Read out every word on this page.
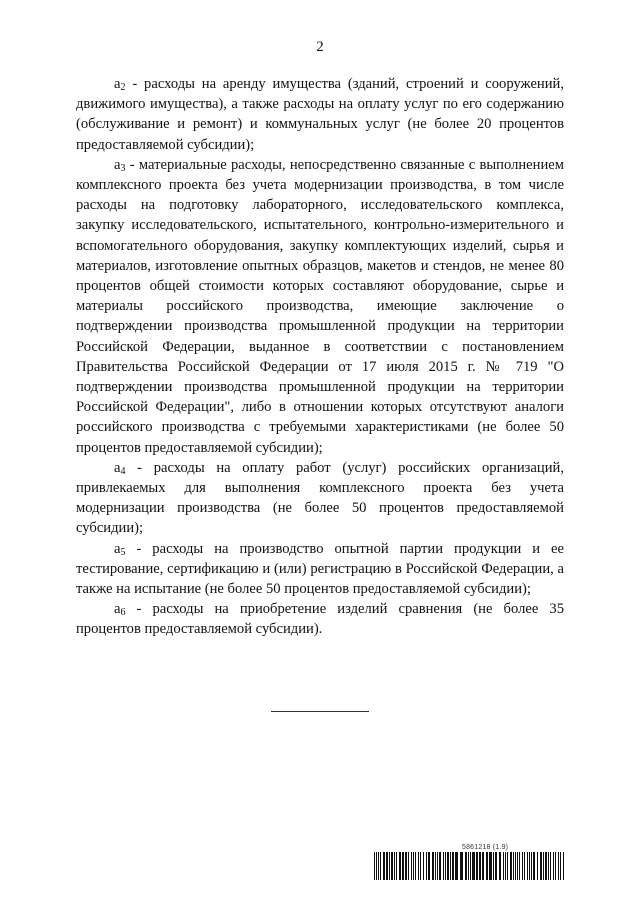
2

$а_2$ - расходы на аренду имущества (зданий, строений и сооружений, движимого имущества), а также расходы на оплату услуг по его содержанию (обслуживание и ремонт) и коммунальных услуг (не более 20 процентов предоставляемой субсидии);

$а_3$ - материальные расходы, непосредственно связанные с выполнением комплексного проекта без учета модернизации производства, в том числе расходы на подготовку лабораторного, исследовательского комплекса, закупку исследовательского, испытательного, контрольно-измерительного и вспомогательного оборудования, закупку комплектующих изделий, сырья и материалов, изготовление опытных образцов, макетов и стендов, не менее 80 процентов общей стоимости которых составляют оборудование, сырье и материалы российского производства, имеющие заключение о подтверждении производства промышленной продукции на территории Российской Федерации, выданное в соответствии с постановлением Правительства Российской Федерации от 17 июля 2015 г. № 719 "О подтверждении производства промышленной продукции на территории Российской Федерации", либо в отношении которых отсутствуют аналоги российского производства с требуемыми характеристиками (не более 50 процентов предоставляемой субсидии);

$а_4$ - расходы на оплату работ (услуг) российских организаций, привлекаемых для выполнения комплексного проекта без учета модернизации производства (не более 50 процентов предоставляемой субсидии);

$а_5$ - расходы на производство опытной партии продукции и ее тестирование, сертификацию и (или) регистрацию в Российской Федерации, а также на испытание (не более 50 процентов предоставляемой субсидии);

$а_6$ - расходы на приобретение изделий сравнения (не более 35 процентов предоставляемой субсидии).

5861218 (1.9)
